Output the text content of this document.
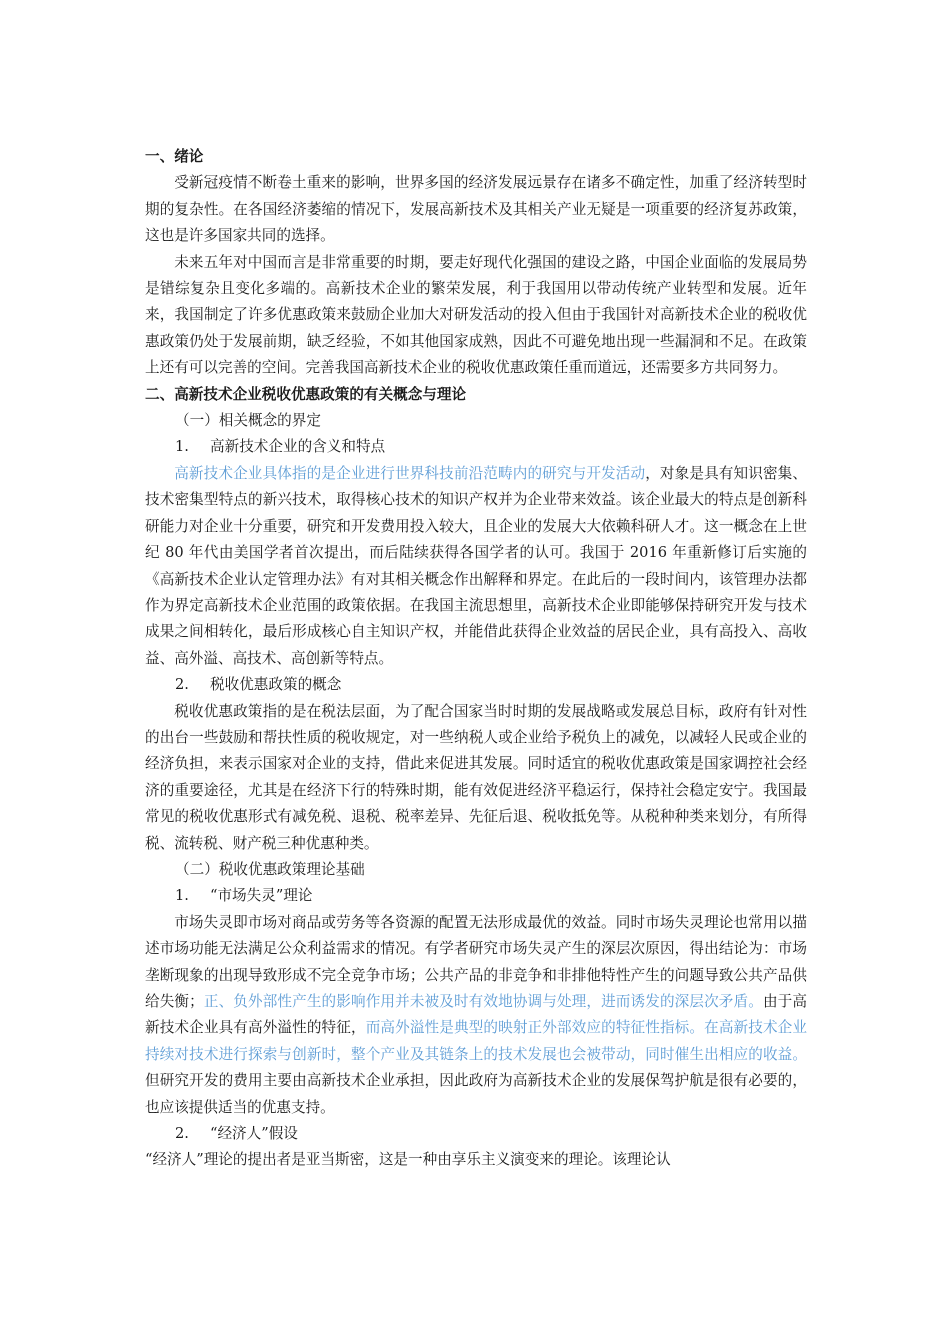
一、绪论
受新冠疫情不断卷土重来的影响，世界多国的经济发展远景存在诸多不确定性，加重了经济转型时期的复杂性。在各国经济萎缩的情况下，发展高新技术及其相关产业无疑是一项重要的经济复苏政策，这也是许多国家共同的选择。
未来五年对中国而言是非常重要的时期，要走好现代化强国的建设之路，中国企业面临的发展局势是错综复杂且变化多端的。高新技术企业的繁荣发展，利于我国用以带动传统产业转型和发展。近年来，我国制定了许多优惠政策来鼓励企业加大对研发活动的投入但由于我国针对高新技术企业的税收优惠政策仍处于发展前期，缺乏经验，不如其他国家成熟，因此不可避免地出现一些漏洞和不足。在政策上还有可以完善的空间。完善我国高新技术企业的税收优惠政策任重而道远，还需要多方共同努力。
二、高新技术企业税收优惠政策的有关概念与理论
（一）相关概念的界定
1. 高新技术企业的含义和特点
高新技术企业具体指的是企业进行世界科技前沿范畴内的研究与开发活动，对象是具有知识密集、技术密集型特点的新兴技术，取得核心技术的知识产权并为企业带来效益。该企业最大的特点是创新科研能力对企业十分重要，研究和开发费用投入较大，且企业的发展大大依赖科研人才。这一概念在上世纪 80 年代由美国学者首次提出，而后陆续获得各国学者的认可。我国于 2016 年重新修订后实施的《高新技术企业认定管理办法》有对其相关概念作出解释和界定。在此后的一段时间内，该管理办法都作为界定高新技术企业范围的政策依据。在我国主流思想里，高新技术企业即能够保持研究开发与技术成果之间相转化，最后形成核心自主知识产权，并能借此获得企业效益的居民企业，具有高投入、高收益、高外溢、高技术、高创新等特点。
2. 税收优惠政策的概念
税收优惠政策指的是在税法层面，为了配合国家当时时期的发展战略或发展总目标，政府有针对性的出台一些鼓励和帮扶性质的税收规定，对一些纳税人或企业给予税负上的减免，以减轻人民或企业的经济负担，来表示国家对企业的支持，借此来促进其发展。同时适宜的税收优惠政策是国家调控社会经济的重要途径，尤其是在经济下行的特殊时期，能有效促进经济平稳运行，保持社会稳定安宁。我国最常见的税收优惠形式有减免税、退税、税率差异、先征后退、税收抵免等。从税种种类来划分，有所得税、流转税、财产税三种优惠种类。
（二）税收优惠政策理论基础
1. “市场失灵”理论
市场失灵即市场对商品或劳务等各资源的配置无法形成最优的效益。同时市场失灵理论也常用以描述市场功能无法满足公众利益需求的情况。有学者研究市场失灵产生的深层次原因，得出结论为：市场垄断现象的出现导致形成不完全竞争市场；公共产品的非竞争和非排他特性产生的问题导致公共产品供给失衡；正、负外部性产生的影响作用并未被及时有效地协调与处理，进而诱发的深层次矛盾。由于高新技术企业具有高外溢性的特征，而高外溢性是典型的映射正外部效应的特征性指标。在高新技术企业持续对技术进行探索与创新时，整个产业及其链条上的技术发展也会被带动，同时催生出相应的收益。但研究开发的费用主要由高新技术企业承担，因此政府为高新技术企业的发展保驾护航是很有必要的，也应该提供适当的优惠支持。
2. “经济人”假设
“经济人”理论的提出者是亚当斯密，这是一种由享乐主义演变来的理论。该理论认
